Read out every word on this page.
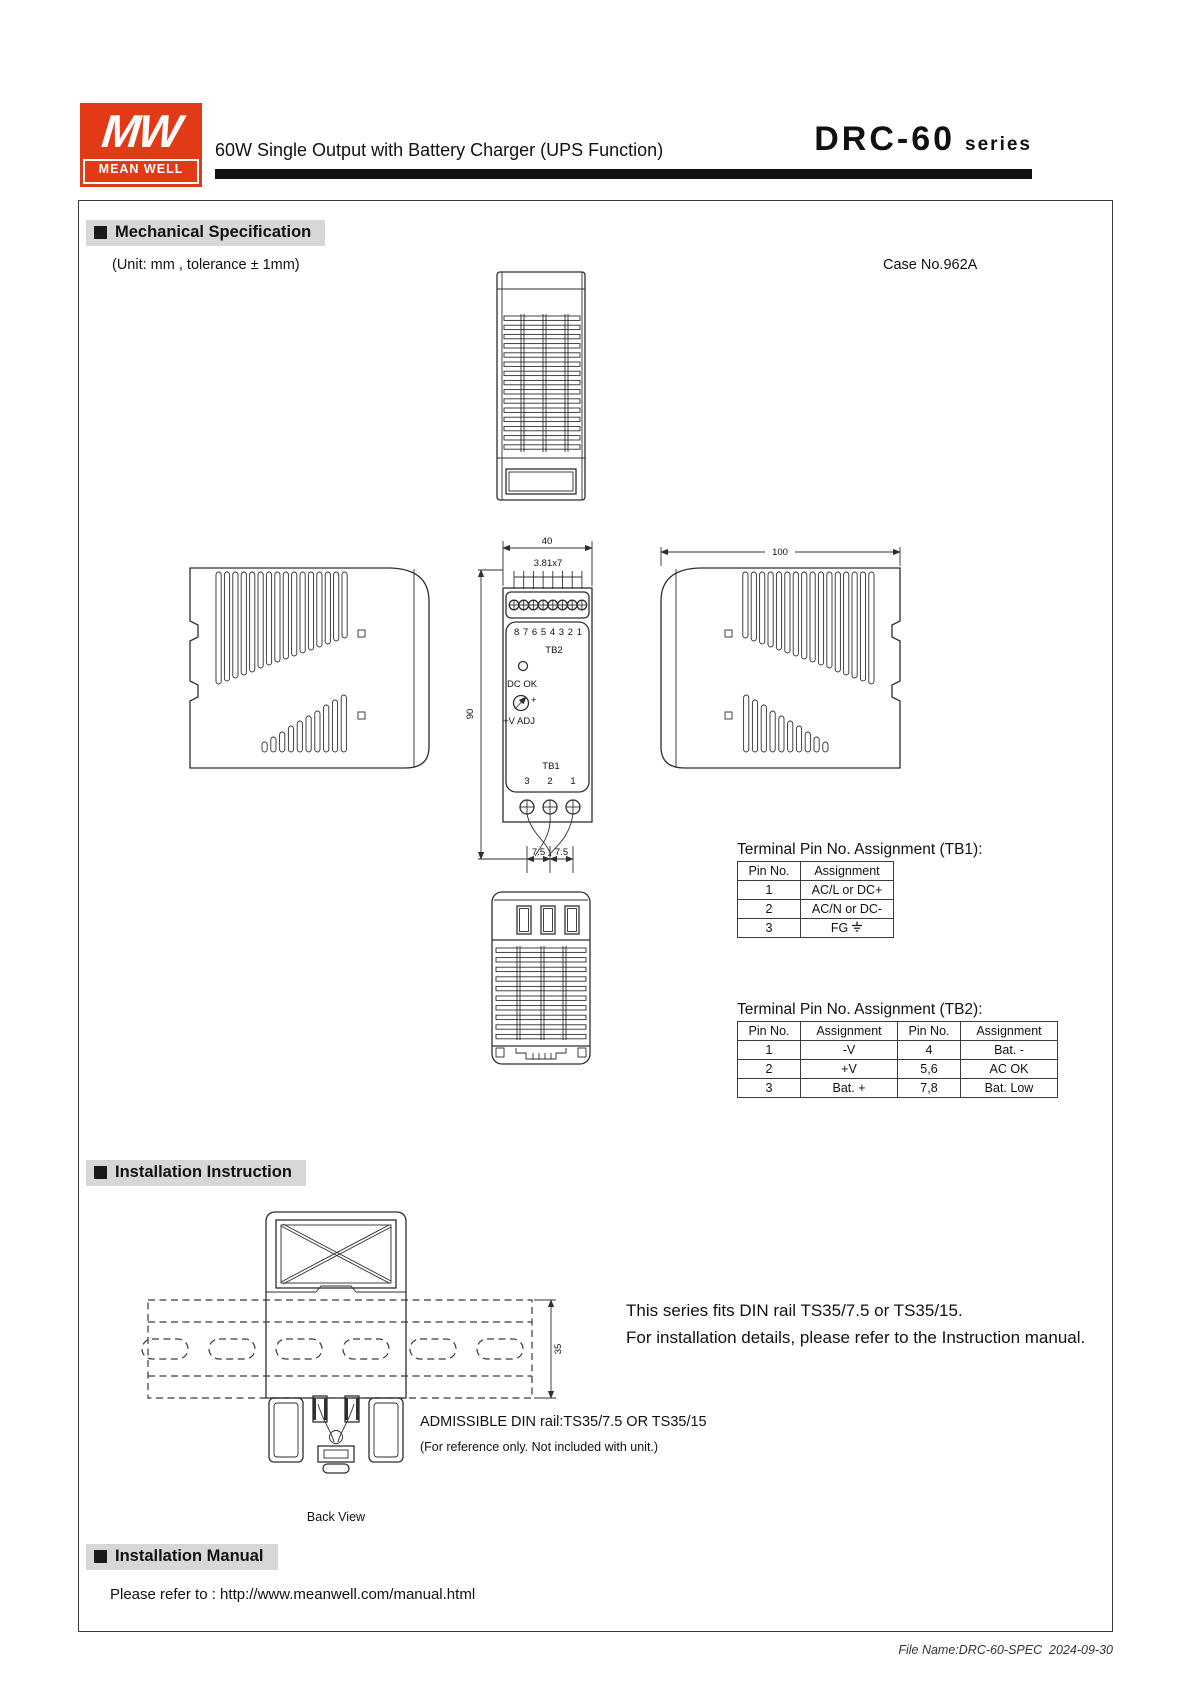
MW
MEAN WELL
60W Single Output with Battery Charger (UPS Function)	DRC-60 series
100
40
3.81x7
8 7 6 5 4 3 2 1
TB2
DC OK
+
+V ADJ
TB1
3 2 1
7.5 7.5
90
35
Mechanical Specification
(Unit: mm , tolerance ± 1mm)	Case No.962A
Terminal Pin No. Assignment (TB1):
Pin No.	Assignment
1	AC/L or DC+
2	AC/N or DC-
3	FG
Terminal Pin No. Assignment (TB2):
Pin No.	Assignment	Pin No.	Assignment
1	-V	4	Bat. -
2	+V	5,6	AC OK
3	Bat. +	7,8	Bat. Low
Installation Instruction
This series fits DIN rail TS35/7.5 or TS35/15.
For installation details, please refer to the Instruction manual.
ADMISSIBLE DIN rail:TS35/7.5 OR TS35/15
(For reference only. Not included with unit.)
Back View
Installation Manual
Please refer to : http://www.meanwell.com/manual.html
File Name:DRC-60-SPEC  2024-09-30
